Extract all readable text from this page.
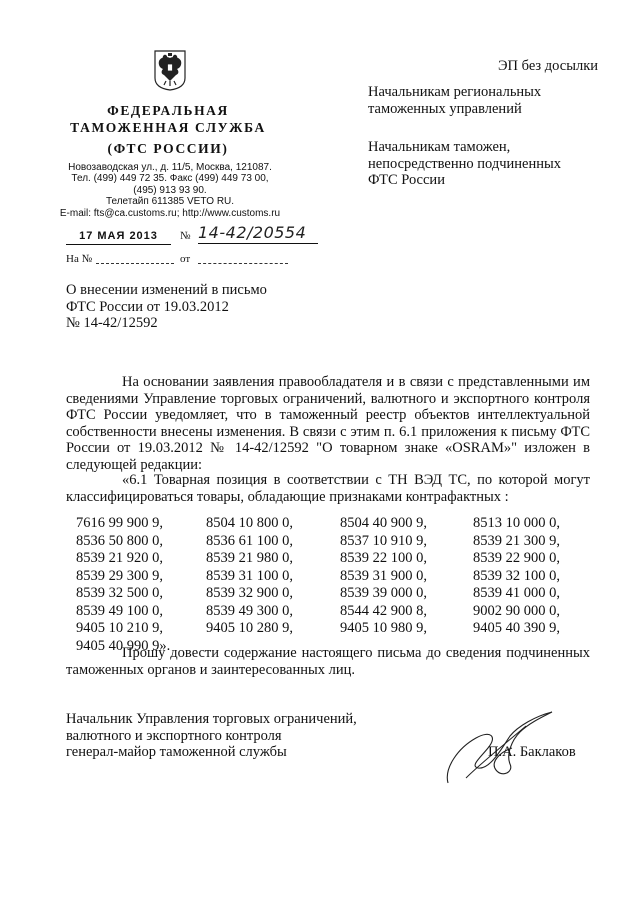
ФЕДЕРАЛЬНАЯ
ТАМОЖЕННАЯ СЛУЖБА
(ФТС РОССИИ)
Новозаводская ул., д. 11/5, Москва, 121087.
Тел. (499) 449 72 35. Факс (499) 449 73 00,
(495) 913 93 90.
Телетайп 611385 VETO RU.
E-mail: fts@ca.customs.ru; http://www.customs.ru
17 МАЯ 2013	№ 14-42/20554
На №	от
О внесении изменений в письмо
ФТС России от 19.03.2012
№ 14-42/12592
ЭП без досылки
Начальникам региональных
таможенных управлений
Начальникам таможен,
непосредственно подчиненных
ФТС России

На основании заявления правообладателя и в связи с представленными им сведениями Управление торговых ограничений, валютного и экспортного контроля ФТС России уведомляет, что в таможенный реестр объектов интеллектуальной собственности внесены изменения. В связи с этим п. 6.1 приложения к письму ФТС России от 19.03.2012 № 14-42/12592 "О товарном знаке «OSRAM»" изложен в следующей редакции:

«6.1 Товарная позиция в соответствии с ТН ВЭД ТС, по которой могут классифицироваться товары, обладающие признаками контрафактных :

7616 99 900 9,	8504 10 800 0,	8504 40 900 9,	8513 10 000 0,
8536 50 800 0,	8536 61 100 0,	8537 10 910 9,	8539 21 300 9,
8539 21 920 0,	8539 21 980 0,	8539 22 100 0,	8539 22 900 0,
8539 29 300 9,	8539 31 100 0,	8539 31 900 0,	8539 32 100 0,
8539 32 500 0,	8539 32 900 0,	8539 39 000 0,	8539 41 000 0,
8539 49 100 0,	8539 49 300 0,	8544 42 900 8,	9002 90 000 0,
9405 10 210 9,	9405 10 280 9,	9405 10 980 9,	9405 40 390 9,
9405 40 990 9».

Прошу довести содержание настоящего письма до сведения подчиненных таможенных органов и заинтересованных лиц.

Начальник Управления торговых ограничений,
валютного и экспортного контроля
генерал-майор таможенной службы	П.А. Баклаков
